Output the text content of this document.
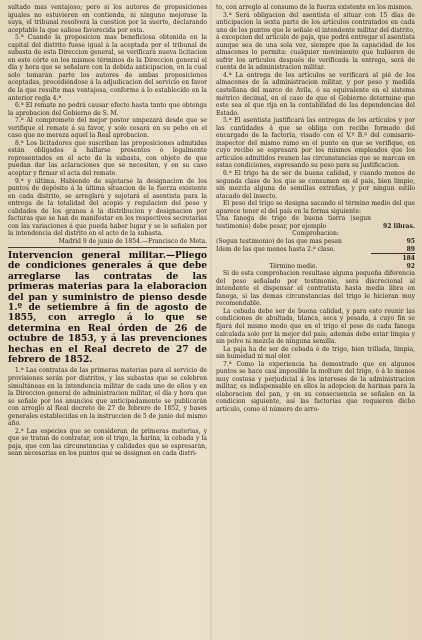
sultado mas ventajoso; pero si los autores de proposiciones iguales no estuvieren en contienda, ni ninguno mejorase la suya, el tribunal resolverá la cuestion por la suerte, declarando aceptable la que saliese favorecida por esta.

5.ª Cuando la proposicion mas beneficiosa obtenida en la capital del distrito fuese igual á la aceptada por el tribunal de subasta de esta Direccion general, se verificará nueva licitacion en este córte en los mismos términos de la Direccion general el día y hora que se señalare con la debida anticipacion, en la cual solo tomarán parte los autores de ambas proposiciones aceptadas, procediéndose á la adjudicacion del servicio en favor de la que resulte mas ventajosa, conforme á lo establecido en la anterior regla 4.ª

6.ª El remate no podrá causar efecto hasta tanto que obtenga la aprobacion del Gobierno de S. M.

7.ª Al comprometo del mejor postor umpezará desde que se verifique el remate á su favor, y solo cesará en su pebo en el caso que no mereza aquel la Real aprobacion.

8.ª Los licitadores que suscriban las proposiciones admitidas están obligados á hallarse presentes ó legalmente representados en el acto de la subasta, con objeto de que puedan dar las aclaraciones que se necesiten, y en su caso aceptar y firmar el acta del remate.

9.ª y última. Habiendo de sujetarse la designacion de los puntos de depósito á la última situacion de la fuerza existente en cada distrito, se arreglará y sujetará el asentista para la entrega de la totalidad del acopio y regulacion del peso y calidades de los granos á la distribucion y designacion por facturas que se han de manifestar en los respectivos secretarías con las variaciones á que pueda haber lugar y se le señalen por la intendencia del distrito en el acto de la subasta.

Madrid 9 de junio de 1854.—Francisco de Meta.

Intervencion general militar.—Pliego de condiciones generales á que debe arreglarse las contratas de las primeras materias para la elaboracion del pan y suministro de pienso desde 1.º de setiembre á fin de agosto de 1855, con arreglo á lo que se determina en Real órden de 26 de octubre de 1853, y á las prevenciones hechas en el Real decreto de 27 de febrero de 1852.

1.ª Las contratas de las primeras materias para el servicio de provisiones serán por distritos, y las subastas que se celebren simultáneas en la intendencia militar de cada uno de ellos y en la Direccion general de administracion militar, el día y hora que se señale por los anuncios que anticipadamente se publicarán con arreglo al Real decreto de 27 de febrero de 1852, y bases generales establecidas en la instruccion de 5 de junio del mismo año.

2.ª Las especies que se consideran de primeras materias, y que se tratan de contratar, son el trigo, la harina, la cebada y la paja, que con las circunstancias y calidades que se espresarán, sean necesarias en los puntos que se designen en cada distri-

to, con arreglo al consumo de la fuerza existente en los mismos.

3.ª Será obligacion del asentista el situar con 15 días de anticipacion la sexta parte de los artículos contratados en cada uno de los puntos que le señale el intendente militar del distrito, á excepcion del artículo de paja, que podrá entregar el asentista aunque sea de una sola vez, siempre que la capacidad de los almacenes lo permita: cualquier movimiento que hubieren de sufrir los artículos después de verificada la entrega, será de cuenta de la administracion militar.

4.ª La entrega de los artículos se verificará al pié de los almacenes de la administracion militar, y por peso y medida castellana del marco de Avila, ó su equivalente en el sistema métrico decimal, en el caso de que el Gobierno determine que este sea el que rija en la contabilidad de las dependencias del Estado.

5.ª El asentista justificará las entregas de los artículos y por las cantidades á que se obliga con recibo formado del encargado de la factoría, visado con el V.º B.º del comisario-inspector del mismo ramo en el punto en que se verifique, en cuyo recibo se espresará por los mismos empleados que los artículos admitidos reunen las circunstancias que se marcan en estas condiciones, espresando su peso para su justificacion.

6.ª El trigo ha de ser de buena calidad, y cuando menos de segunda clase de los que se consumen en el país, bien limpio, sin mezcla alguna de semillas extrañas, y por ningun estilo atacado del insecto.

El peso del trigo se designa sacando el término medio del que aparece tener el del país en la forma siguiente:

Una fanega de trigo de buena tierra (segun testimonio) debe pesar, por ejemplo	92 libras.
Comprobacion:	
(Segun testimonio) de las que mas pesan	95
Idem de las que menos hasta 2.ª clase.	89
	184
Término medio.	92

Si de esta comprobacion resultase alguna pequeña diferencia del peso señalado por testimonio, será discrecional al intendente el dispensar el contratista hasta media libra en fanega, si las demas circunstancias del trigo le hicieran muy recomendable.

La cebada debe ser de buena calidad, y para esto reunir las condiciones de abultada, blanca, seca y pesada, á cuyo fin se fijará del mismo modo que en el trigo el peso de cada fanega calculada solo por la mejor del país; además debe estar limpia y sin polvo ni mezcla de ninguna semilla.

La paja ha de ser de cebada ó de trigo, bien trillada, limpia, sin humedad ni mal olor.

7.ª Como la experiencia ha demostrado que en algunos puntos se hace casi imposible la molture del trigo, ó á lo menos muy costosa y perjudicial á los intereses de la administracion militar, es indispensable en ellos la adopcion de harinas para la elaboracion del pan, y en su consecuencia se señalen en la condicion siguiente, así las factorías que requieren dicho artículo, como el número de arro-
